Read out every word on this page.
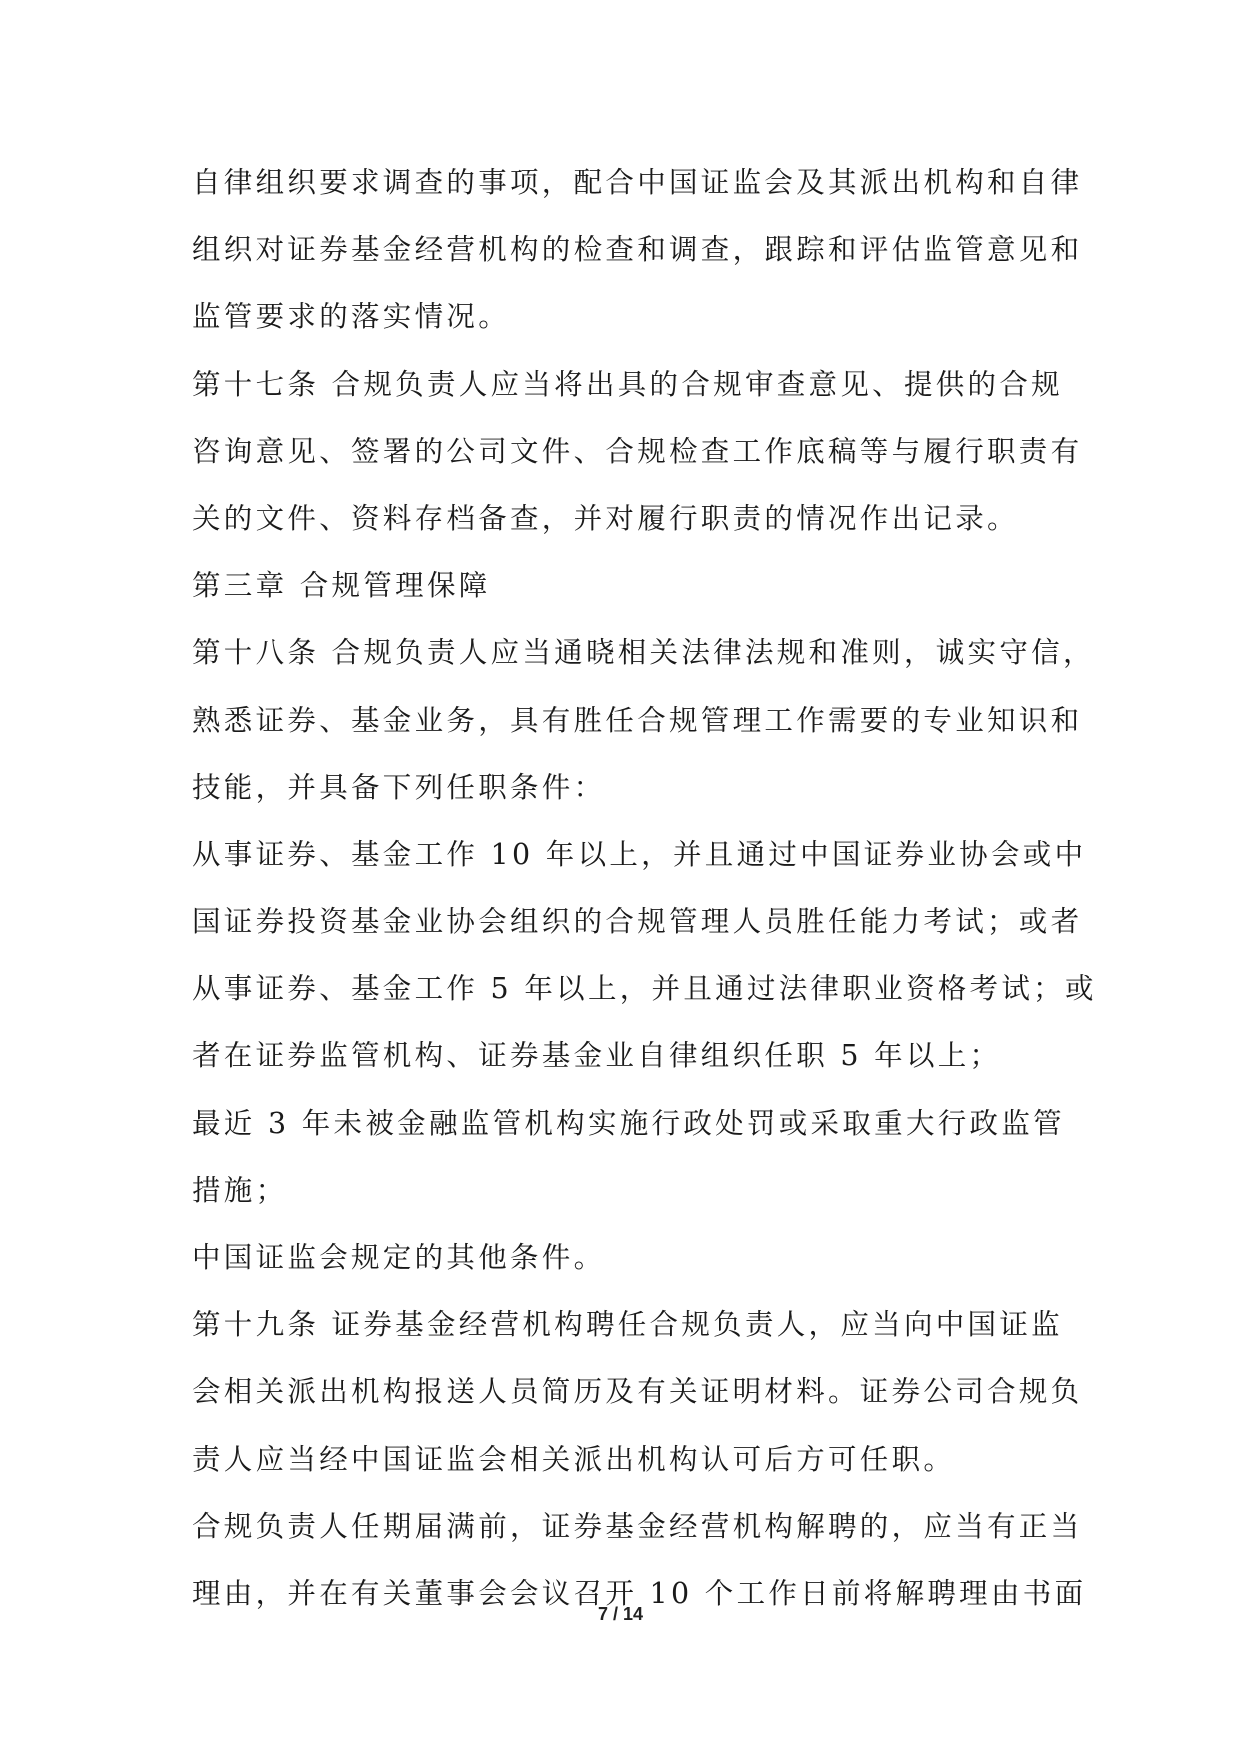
自律组织要求调查的事项，配合中国证监会及其派出机构和自律
组织对证券基金经营机构的检查和调查，跟踪和评估监管意见和
监管要求的落实情况。
第十七条 合规负责人应当将出具的合规审查意见、提供的合规
咨询意见、签署的公司文件、合规检查工作底稿等与履行职责有
关的文件、资料存档备查，并对履行职责的情况作出记录。
第三章 合规管理保障
第十八条 合规负责人应当通晓相关法律法规和准则，诚实守信，
熟悉证券、基金业务，具有胜任合规管理工作需要的专业知识和
技能，并具备下列任职条件：
从事证券、基金工作 10 年以上，并且通过中国证券业协会或中
国证券投资基金业协会组织的合规管理人员胜任能力考试；或者
从事证券、基金工作 5 年以上，并且通过法律职业资格考试；或
者在证券监管机构、证券基金业自律组织任职 5 年以上；
最近 3 年未被金融监管机构实施行政处罚或采取重大行政监管
措施；
中国证监会规定的其他条件。
第十九条 证券基金经营机构聘任合规负责人，应当向中国证监
会相关派出机构报送人员简历及有关证明材料。证券公司合规负
责人应当经中国证监会相关派出机构认可后方可任职。
合规负责人任期届满前，证券基金经营机构解聘的，应当有正当
理由，并在有关董事会会议召开 10 个工作日前将解聘理由书面
7 / 14
